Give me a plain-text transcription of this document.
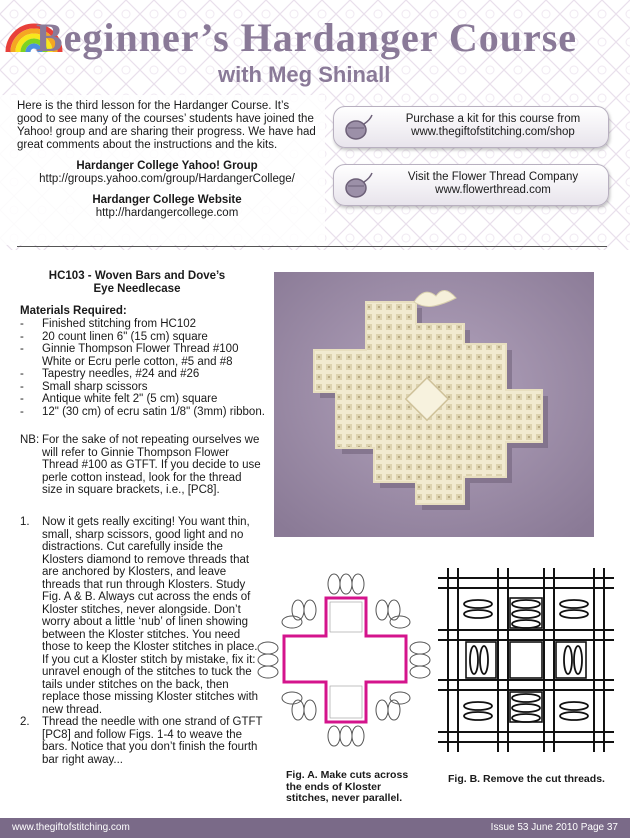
Beginner’s Hardanger Course
with Meg Shinall

Here is the third lesson for the Hardanger Course. It’s good to see many of the courses’ students have joined the Yahoo! group and are sharing their progress. We have had great comments about the instructions and the kits.

Hardanger College Yahoo! Group
http://groups.yahoo.com/group/HardangerCollege/
Hardanger College Website
http://hardangercollege.com
Purchase a kit for this course from
www.thegiftofstitching.com/shop
Visit the Flower Thread Company
www.flowerthread.com
HC103 - Woven Bars and Dove’s
Eye Needlecase
Materials Required:
- Finished stitching from HC102
- 20 count linen 6" (15 cm) square
- Ginnie Thompson Flower Thread #100 White or Ecru perle cotton, #5 and #8
- Tapestry needles, #24 and #26
- Small sharp scissors
- Antique white felt 2" (5 cm) square
- 12" (30 cm) of ecru satin 1/8" (3mm) ribbon.
NB: For the sake of not repeating ourselves we will refer to Ginnie Thompson Flower Thread #100 as GTFT. If you decide to use perle cotton instead, look for the thread size in square brackets, i.e., [PC8].
1. Now it gets really exciting! You want thin, small, sharp scissors, good light and no distractions. Cut carefully inside the Klosters diamond to remove threads that are anchored by Klosters, and leave threads that run through Klosters. Study Fig. A & B. Always cut across the ends of Kloster stitches, never alongside. Don’t worry about a little ‘nub’ of linen showing between the Kloster stitches. You need those to keep the Kloster stitches in place. If you cut a Kloster stitch by mistake, fix it: unravel enough of the stitches to tuck the tails under stitches on the back, then replace those missing Kloster stitches with new thread.
2. Thread the needle with one strand of GTFT [PC8] and follow Figs. 1-4 to weave the bars. Notice that you don’t finish the fourth bar right away...
Fig. A. Make cuts across the ends of Kloster stitches, never parallel.
Fig. B. Remove the cut threads.
www.thegiftofstitching.com	Issue 53 June 2010 Page 37
